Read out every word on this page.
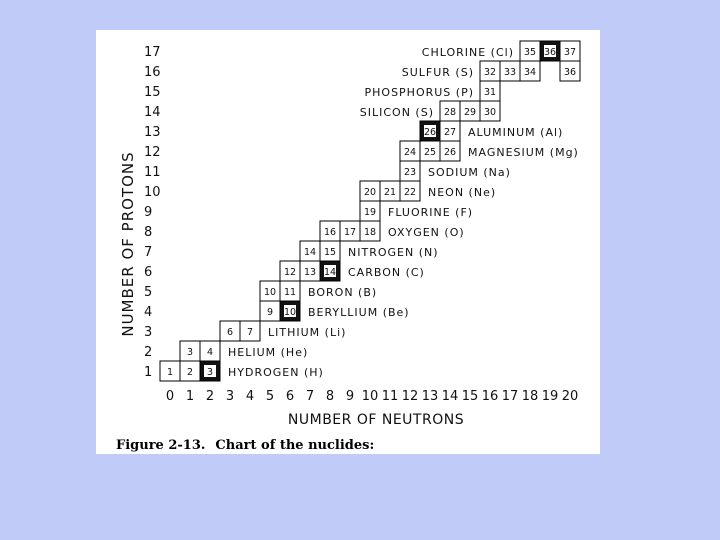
NUMBER OF PROTONS
NUMBER OF NEUTRONS
1
2
3
4
5
6
7
8
9
10
11
12
13
14
15
16
17
0 1 2 3 4 5 6 7 8 9 10 11 12 13 14 15 16 17 18 19 20
1 2 3
3 4
6 7
9 10
10 11
12 13 14
14 15
16 17 18
19
20 21 22
23
24 25 26
26 27
28 29 30
31
32 33 34	36
35 36 37
HYDROGEN (H)
HELIUM (He)
LITHIUM (Li)
BERYLLIUM (Be)
BORON (B)
CARBON (C)
NITROGEN (N)
OXYGEN (O)
FLUORINE (F)
NEON (Ne)
SODIUM (Na)
MAGNESIUM (Mg)
ALUMINUM (Al)
SILICON (S)
PHOSPHORUS (P)
SULFUR (S)
CHLORINE (Cl)
Figure 2-13. Chart of the nuclides:
